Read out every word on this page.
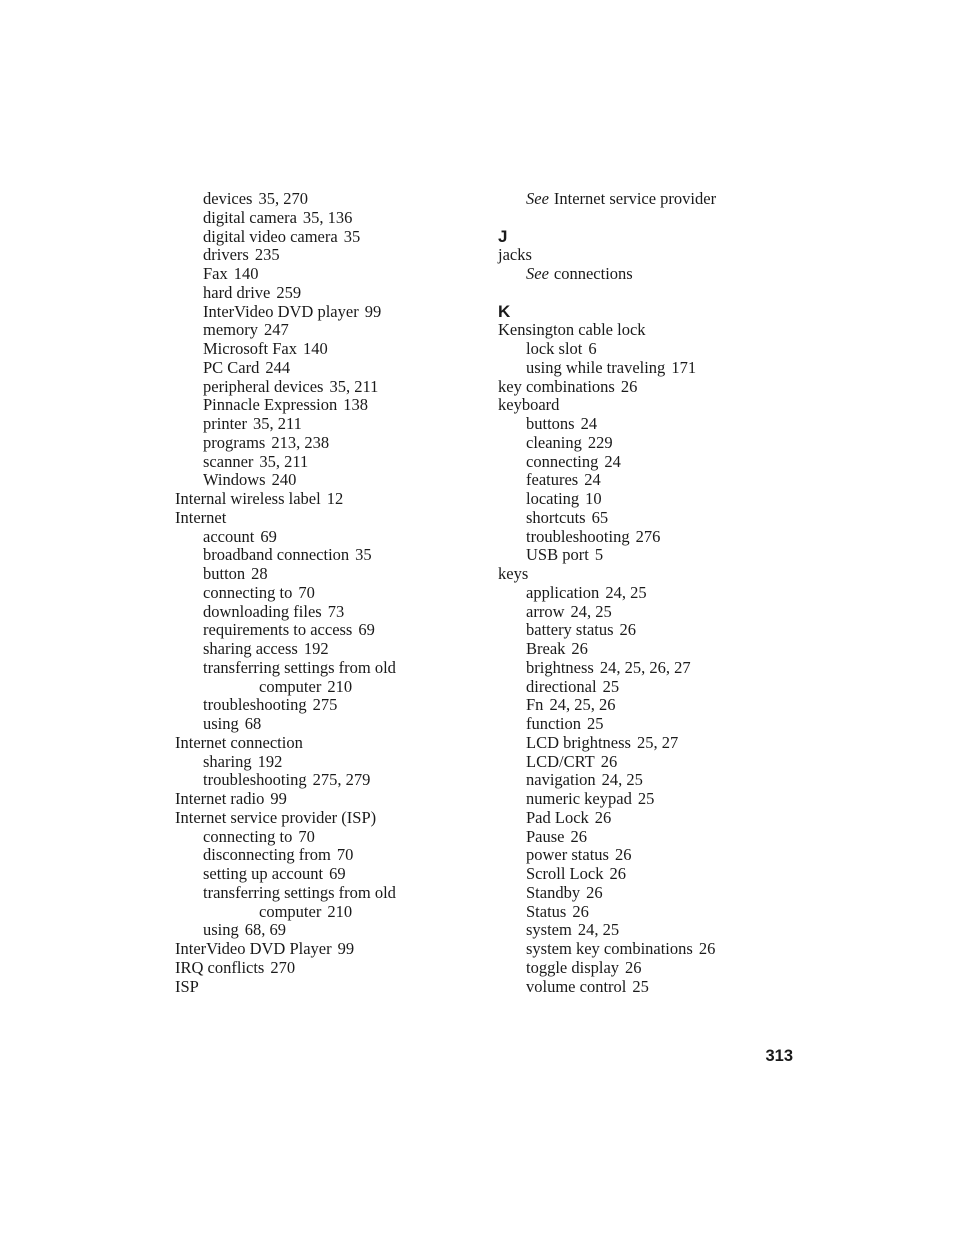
devices 35, 270
digital camera 35, 136
digital video camera 35
drivers 235
Fax 140
hard drive 259
InterVideo DVD player 99
memory 247
Microsoft Fax 140
PC Card 244
peripheral devices 35, 211
Pinnacle Expression 138
printer 35, 211
programs 213, 238
scanner 35, 211
Windows 240
Internal wireless label 12
Internet
account 69
broadband connection 35
button 28
connecting to 70
downloading files 73
requirements to access 69
sharing access 192
transferring settings from old
computer 210
troubleshooting 275
using 68
Internet connection
sharing 192
troubleshooting 275, 279
Internet radio 99
Internet service provider (ISP)
connecting to 70
disconnecting from 70
setting up account 69
transferring settings from old
computer 210
using 68, 69
InterVideo DVD Player 99
IRQ conflicts 270
ISP
See Internet service provider
J
jacks
See connections
K
Kensington cable lock
lock slot 6
using while traveling 171
key combinations 26
keyboard
buttons 24
cleaning 229
connecting 24
features 24
locating 10
shortcuts 65
troubleshooting 276
USB port 5
keys
application 24, 25
arrow 24, 25
battery status 26
Break 26
brightness 24, 25, 26, 27
directional 25
Fn 24, 25, 26
function 25
LCD brightness 25, 27
LCD/CRT 26
navigation 24, 25
numeric keypad 25
Pad Lock 26
Pause 26
power status 26
Scroll Lock 26
Standby 26
Status 26
system 24, 25
system key combinations 26
toggle display 26
volume control 25
313
